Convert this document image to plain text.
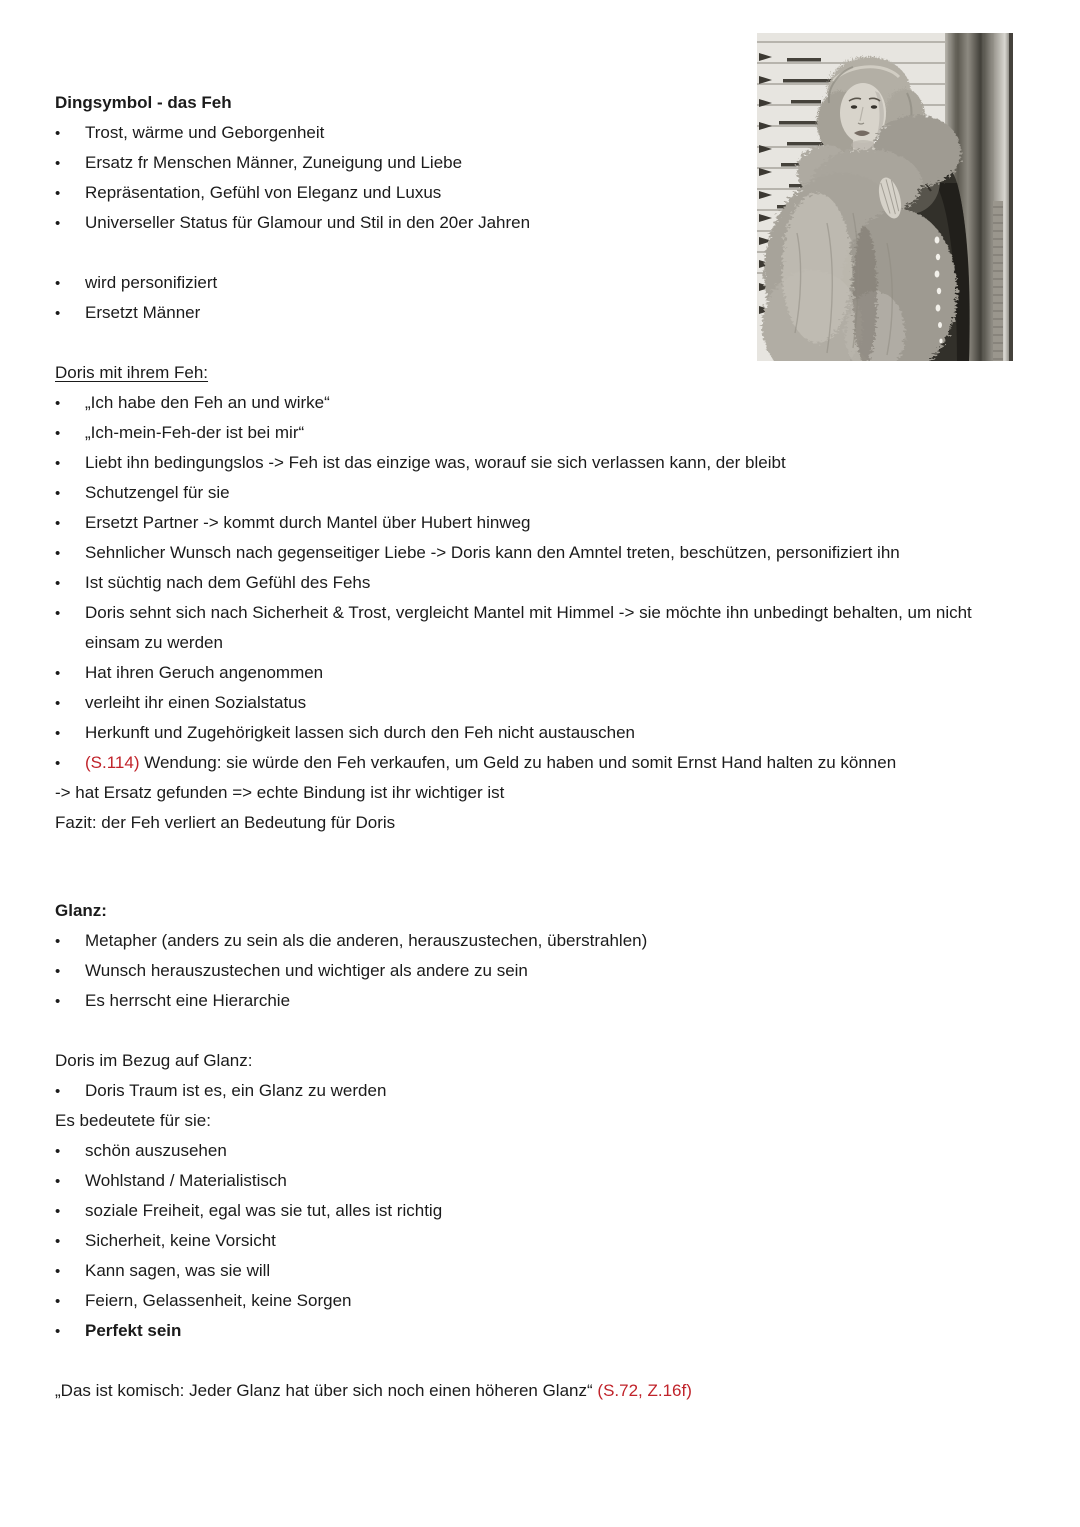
Dingsymbol - das Feh
• Trost, wärme und Geborgenheit
• Ersatz fr Menschen Männer, Zuneigung und Liebe
• Repräsentation, Gefühl von Eleganz und Luxus
• Universeller Status für Glamour und Stil in den 20er Jahren
• wird personifiziert
• Ersetzt Männer
Doris mit ihrem Feh:
• „Ich habe den Feh an und wirke“
• „Ich-mein-Feh-der ist bei mir“
• Liebt ihn bedingungslos -> Feh ist das einzige was, worauf sie sich verlassen kann, der bleibt
• Schutzengel für sie
• Ersetzt Partner -> kommt durch Mantel über Hubert hinweg
• Sehnlicher Wunsch nach gegenseitiger Liebe -> Doris kann den Amntel treten, beschützen, personifiziert ihn
• Ist süchtig nach dem Gefühl des Fehs
• Doris sehnt sich nach Sicherheit & Trost, vergleicht Mantel mit Himmel -> sie möchte ihn unbedingt behalten, um nicht
einsam zu werden
• Hat ihren Geruch angenommen
• verleiht ihr einen Sozialstatus
• Herkunft und Zugehörigkeit lassen sich durch den Feh nicht austauschen
• (S.114) Wendung: sie würde den Feh verkaufen, um Geld zu haben und somit Ernst Hand halten zu können
-> hat Ersatz gefunden => echte Bindung ist ihr wichtiger ist
Fazit: der Feh verliert an Bedeutung für Doris
Glanz:
• Metapher (anders zu sein als die anderen, herauszustechen, überstrahlen)
• Wunsch herauszustechen und wichtiger als andere zu sein
• Es herrscht eine Hierarchie
Doris im Bezug auf Glanz:
• Doris Traum ist es, ein Glanz zu werden
Es bedeutete für sie:
• schön auszusehen
• Wohlstand / Materialistisch
• soziale Freiheit, egal was sie tut, alles ist richtig
• Sicherheit, keine Vorsicht
• Kann sagen, was sie will
• Feiern, Gelassenheit, keine Sorgen
• Perfekt sein
„Das ist komisch: Jeder Glanz hat über sich noch einen höheren Glanz“ (S.72, Z.16f)
